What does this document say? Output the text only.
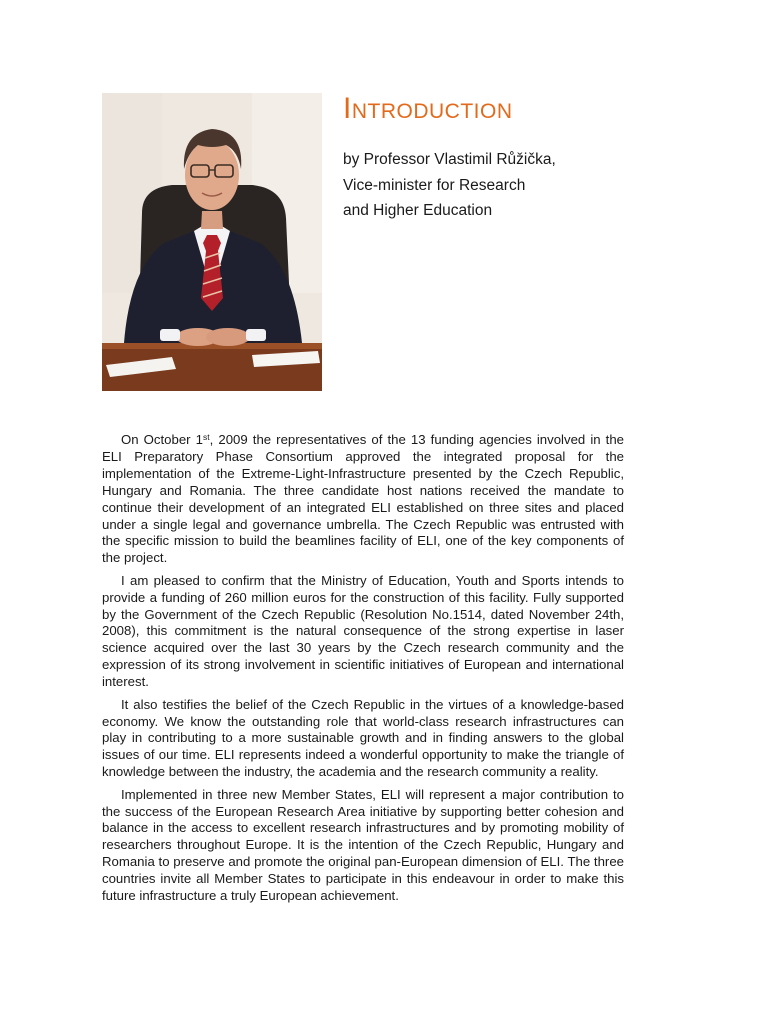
Introduction
by Professor Vlastimil Růžička,
Vice-minister for Research
and Higher Education

On October 1st, 2009 the representatives of the 13 funding agencies involved in the ELI Preparatory Phase Consortium approved the integrated proposal for the implementation of the Extreme-Light-Infrastructure presented by the Czech Republic, Hungary and Romania. The three candidate host nations received the mandate to continue their development of an integrated ELI established on three sites and placed under a single legal and governance umbrella. The Czech Republic was entrusted with the specific mission to build the beamlines facility of ELI, one of the key components of the project.

I am pleased to confirm that the Ministry of Education, Youth and Sports intends to provide a funding of 260 million euros for the construction of this facility. Fully supported by the Government of the Czech Republic (Resolution No.1514, dated November 24th, 2008), this commitment is the natural consequence of the strong expertise in laser science acquired over the last 30 years by the Czech research community and the expression of its strong involvement in scientific initiatives of European and international interest.

It also testifies the belief of the Czech Republic in the virtues of a knowledge-based economy. We know the outstanding role that world-class research infrastructures can play in contributing to a more sustainable growth and in finding answers to the global issues of our time. ELI represents indeed a wonderful opportunity to make the triangle of knowledge between the industry, the academia and the research community a reality.

Implemented in three new Member States, ELI will represent a major contribution to the success of the European Research Area initiative by supporting better cohesion and balance in the access to excellent research infrastructures and by promoting mobility of researchers throughout Europe. It is the intention of the Czech Republic, Hungary and Romania to preserve and promote the original pan-European dimension of ELI. The three countries invite all Member States to participate in this endeavour in order to make this future infrastructure a truly European achievement.
